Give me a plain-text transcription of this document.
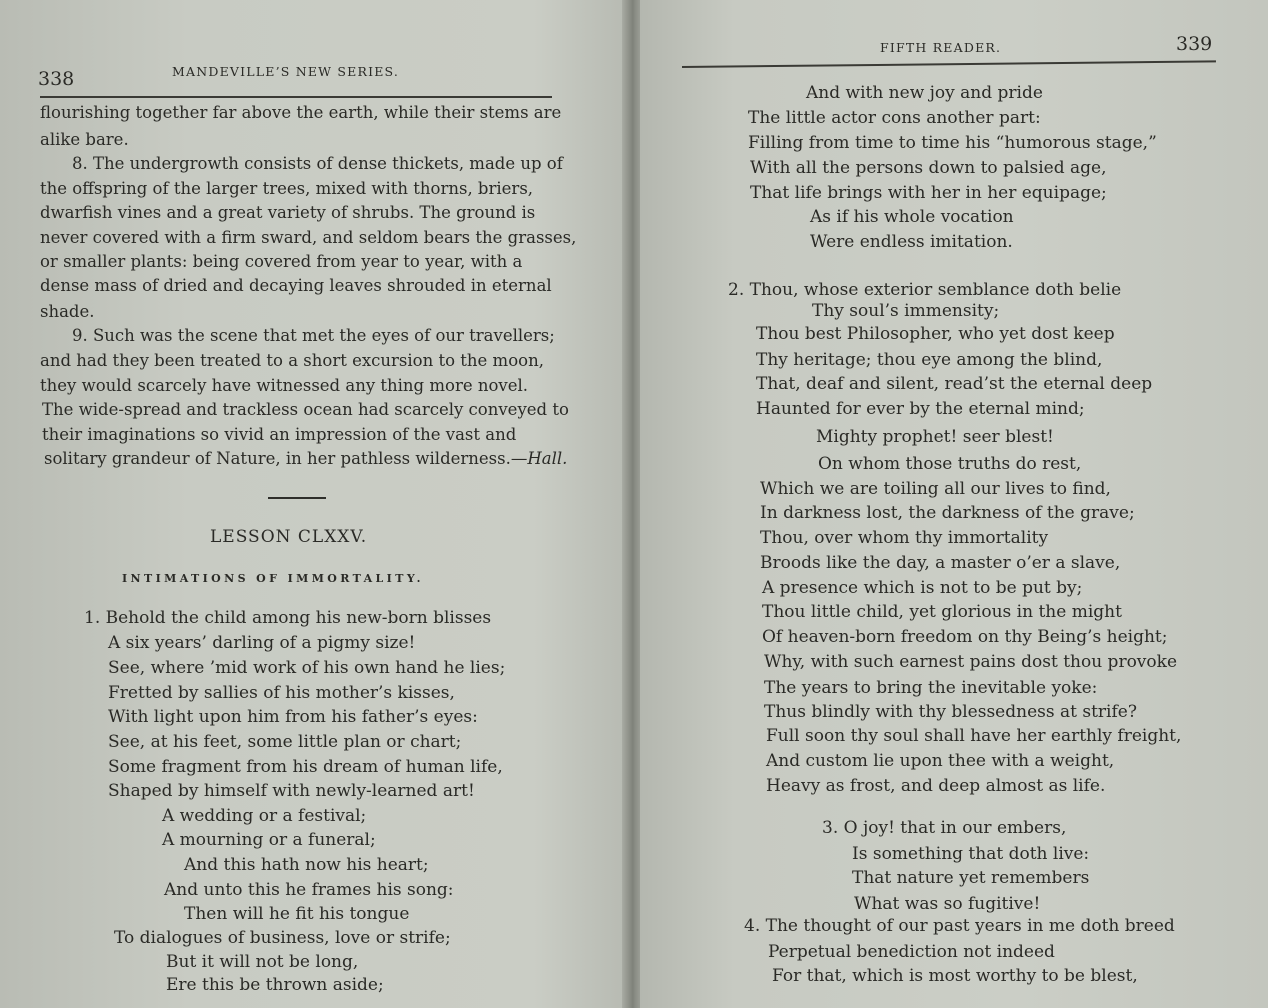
338	MANDEVILLE’S NEW SERIES.
flourishing together far above the earth, while their stems are
alike bare.
8. The undergrowth consists of dense thickets, made up of
the offspring of the larger trees, mixed with thorns, briers,
dwarfish vines and a great variety of shrubs. The ground is
never covered with a firm sward, and seldom bears the grasses,
or smaller plants: being covered from year to year, with a
dense mass of dried and decaying leaves shrouded in eternal
shade.
9. Such was the scene that met the eyes of our travellers;
and had they been treated to a short excursion to the moon,
they would scarcely have witnessed any thing more novel.
The wide-spread and trackless ocean had scarcely conveyed to
their imaginations so vivid an impression of the vast and
solitary grandeur of Nature, in her pathless wilderness.—Hall.
LESSON CLXXV.
INTIMATIONS OF IMMORTALITY.
1. Behold the child among his new-born blisses
A six years’ darling of a pigmy size!
See, where ’mid work of his own hand he lies;
Fretted by sallies of his mother’s kisses,
With light upon him from his father’s eyes:
See, at his feet, some little plan or chart;
Some fragment from his dream of human life,
Shaped by himself with newly-learned art!
A wedding or a festival;
A mourning or a funeral;
And this hath now his heart;
And unto this he frames his song:
Then will he fit his tongue
To dialogues of business, love or strife;
But it will not be long,
Ere this be thrown aside;
FIFTH READER.	339
And with new joy and pride
The little actor cons another part:
Filling from time to time his “humorous stage,”
With all the persons down to palsied age,
That life brings with her in her equipage;
As if his whole vocation
Were endless imitation.
2. Thou, whose exterior semblance doth belie
Thy soul’s immensity;
Thou best Philosopher, who yet dost keep
Thy heritage; thou eye among the blind,
That, deaf and silent, read’st the eternal deep
Haunted for ever by the eternal mind;
Mighty prophet! seer blest!
On whom those truths do rest,
Which we are toiling all our lives to find,
In darkness lost, the darkness of the grave;
Thou, over whom thy immortality
Broods like the day, a master o’er a slave,
A presence which is not to be put by;
Thou little child, yet glorious in the might
Of heaven-born freedom on thy Being’s height;
Why, with such earnest pains dost thou provoke
The years to bring the inevitable yoke:
Thus blindly with thy blessedness at strife?
Full soon thy soul shall have her earthly freight,
And custom lie upon thee with a weight,
Heavy as frost, and deep almost as life.
3. O joy! that in our embers,
Is something that doth live:
That nature yet remembers
What was so fugitive!
4. The thought of our past years in me doth breed
Perpetual benediction not indeed
For that, which is most worthy to be blest,
